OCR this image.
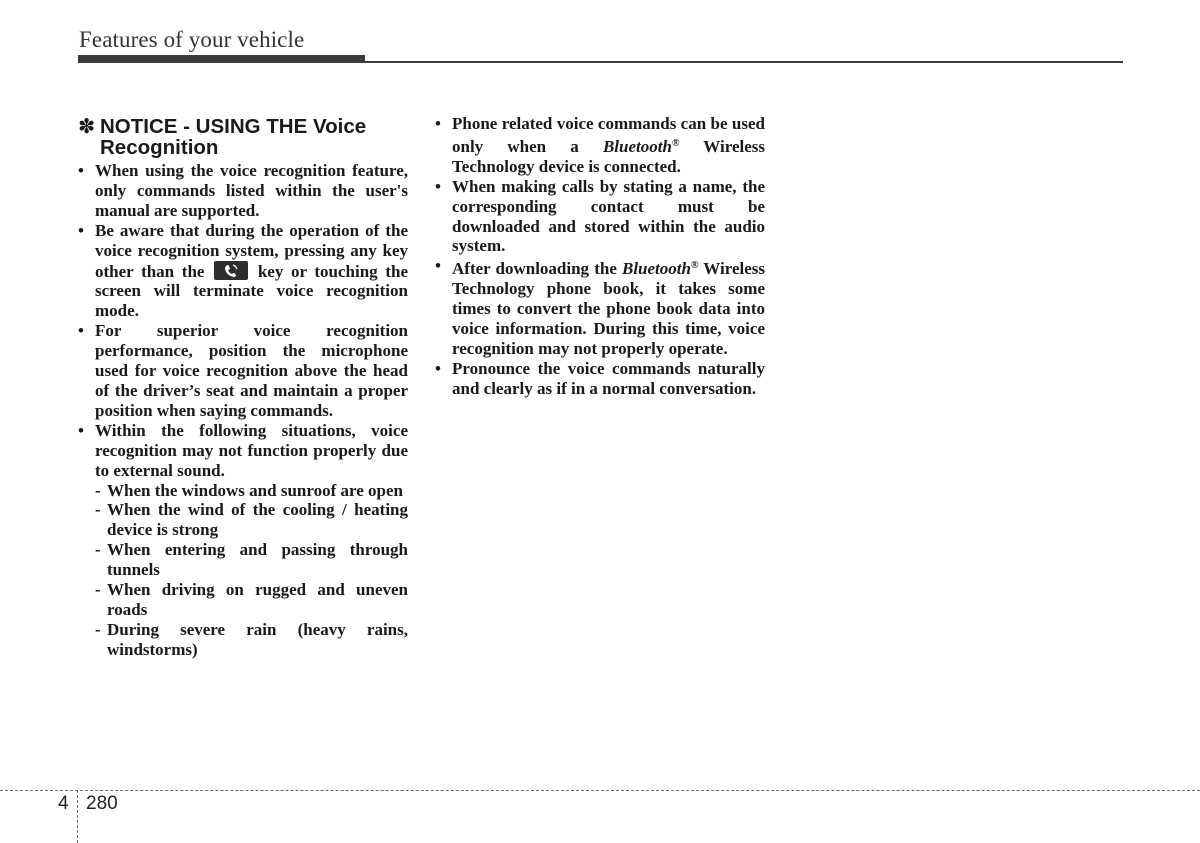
Features of your vehicle
✽ NOTICE - USING THE Voice Recognition
• When using the voice recognition feature, only commands listed within the user's manual are supported.
• Be aware that during the operation of the voice recognition system, pressing any key other than the	key or touching the screen will terminate voice recognition mode.
• For superior voice recognition performance, position the microphone used for voice recognition above the head of the driver’s seat and maintain a proper position when saying commands.
• Within the following situations, voice recognition may not function properly due to external sound.
- When the windows and sunroof are open
- When the wind of the cooling / heating device is strong
- When entering and passing through tunnels
- When driving on rugged and uneven roads
- During severe rain (heavy rains, windstorms)
• Phone related voice commands can be used only when a Bluetooth® Wireless Technology device is connected.
• When making calls by stating a name, the corresponding contact must be downloaded and stored within the audio system.
• After downloading the Bluetooth® Wireless Technology phone book, it takes some times to convert the phone book data into voice information. During this time, voice recognition may not properly operate.
• Pronounce the voice commands naturally and clearly as if in a normal conversation.
4 280
